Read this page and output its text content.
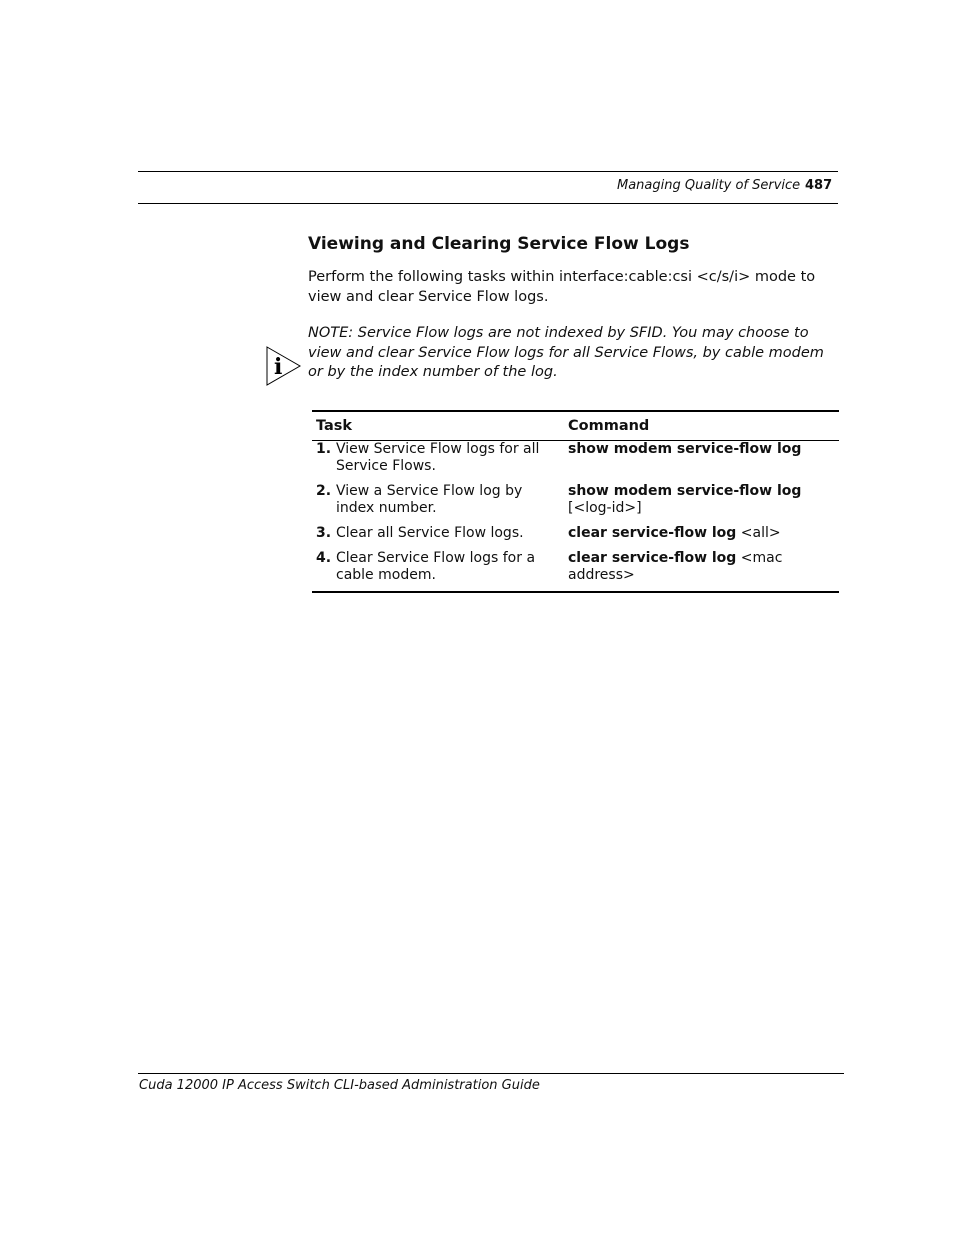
Managing Quality of Service 487
Viewing and Clearing Service Flow Logs

Perform the following tasks within interface:cable:csi <c/s/i> mode to view and clear Service Flow logs.

i

NOTE: Service Flow logs are not indexed by SFID. You may choose to view and clear Service Flow logs for all Service Flows, by cable modem or by the index number of the log.

Task	Command

1. View Service Flow logs for all Service Flows.	show modem service-flow log

2. View a Service Flow log by index number.	show modem service-flow log
[<log-id>]

3. Clear all Service Flow logs.	clear service-flow log <all>

4. Clear Service Flow logs for a cable modem.	clear service-flow log <mac address>
Cuda 12000 IP Access Switch CLI-based Administration Guide
